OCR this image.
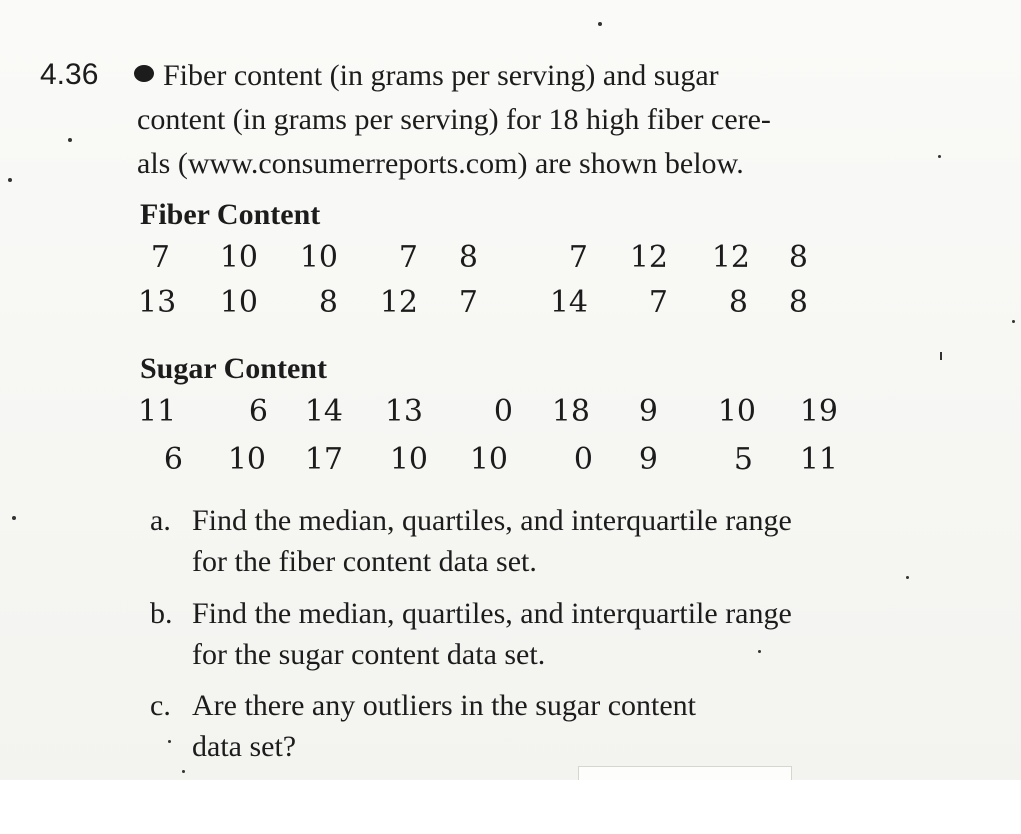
4.36	Fiber content (in grams per serving) and sugar
content (in grams per serving) for 18 high fiber cere-
als (www.consumerreports.com) are shown below.
Fiber Content
7 10 10	7	8	7 12 12	8
13 10	8 12	7 14	7	8	8
Sugar Content
11	6 14 13	0 18	9 10 19
6 10 17 10 10	0	9	5 11
a. Find the median, quartiles, and interquartile range
for the fiber content data set.
b. Find the median, quartiles, and interquartile range
for the sugar content data set.
c. Are there any outliers in the sugar content
data set?
